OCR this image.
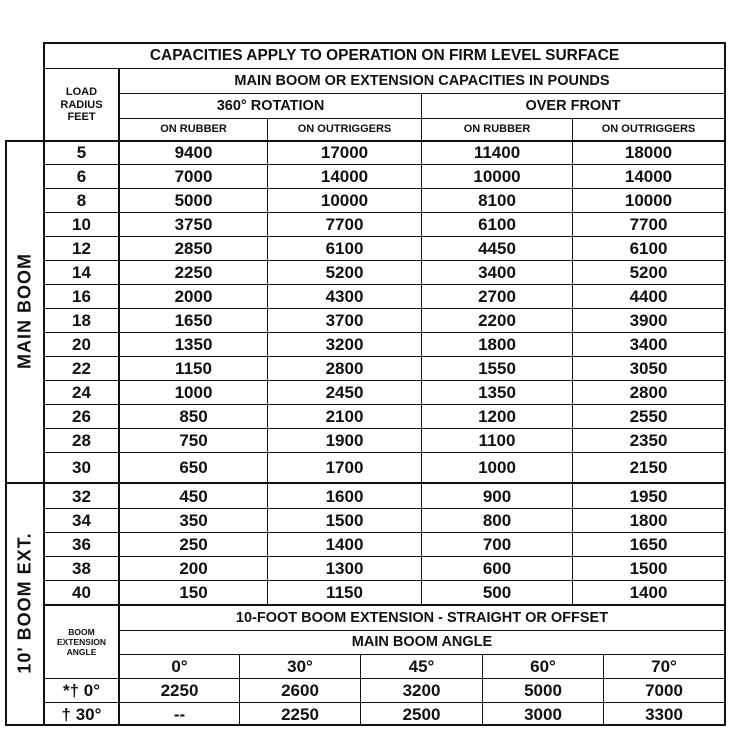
CAPACITIES APPLY TO OPERATION ON FIRM LEVEL SURFACE
MAIN BOOM OR EXTENSION CAPACITIES IN POUNDS
360° ROTATION	OVER FRONT
LOAD
RADIUS
FEET
ON RUBBER	ON OUTRIGGERS	ON RUBBER	ON OUTRIGGERS
MAIN BOOM
10' BOOM EXT.
5	9400	17000	11400	18000
6	7000	14000	10000	14000
8	5000	10000	8100	10000
10	3750	7700	6100	7700
12	2850	6100	4450	6100
14	2250	5200	3400	5200
16	2000	4300	2700	4400
18	1650	3700	2200	3900
20	1350	3200	1800	3400
22	1150	2800	1550	3050
24	1000	2450	1350	2800
26	850	2100	1200	2550
28	750	1900	1100	2350
30	650	1700	1000	2150
32	450	1600	900	1950
34	350	1500	800	1800
36	250	1400	700	1650
38	200	1300	600	1500
40	150	1150	500	1400
10-FOOT BOOM EXTENSION - STRAIGHT OR OFFSET
MAIN BOOM ANGLE
BOOM
EXTENSION
ANGLE
0°	30°	45°	60°	70°
*† 0°	2250	2600	3200	5000	7000
† 30°	--	2250	2500	3000	3300
